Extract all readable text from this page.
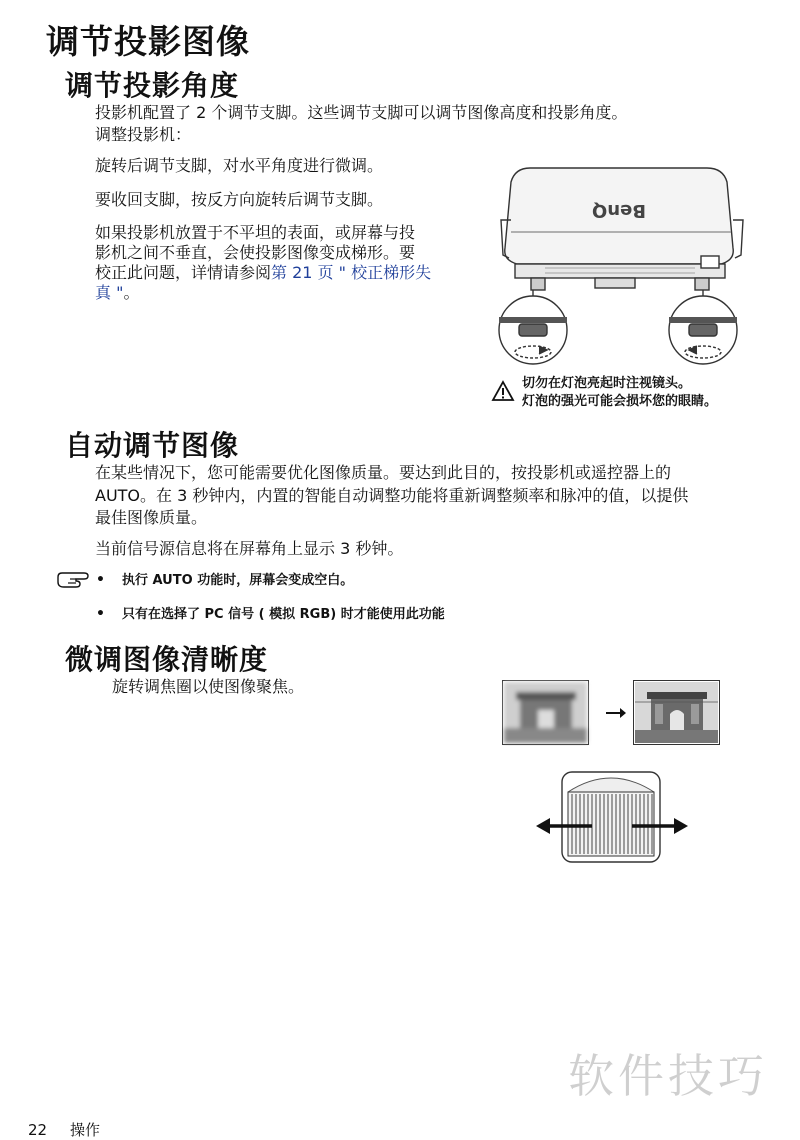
调节投影图像
调节投影角度
投影机配置了 2 个调节支脚。这些调节支脚可以调节图像高度和投影角度。
调整投影机：
旋转后调节支脚，对水平角度进行微调。
要收回支脚，按反方向旋转后调节支脚。
如果投影机放置于不平坦的表面，或屏幕与投
影机之间不垂直，会使投影图像变成梯形。要
校正此问题，详情请参阅第 21 页 " 校正梯形失
真 "。
BenQ
切勿在灯泡亮起时注视镜头。
灯泡的强光可能会损坏您的眼睛。
自动调节图像
在某些情况下，您可能需要优化图像质量。要达到此目的，按投影机或遥控器上的
AUTO。在 3 秒钟内，内置的智能自动调整功能将重新调整频率和脉冲的值，以提供
最佳图像质量。
当前信号源信息将在屏幕角上显示 3 秒钟。
• 执行 AUTO 功能时，屏幕会变成空白。
• 只有在选择了 PC 信号 ( 模拟 RGB) 时才能使用此功能
微调图像清晰度
旋转调焦圈以使图像聚焦。
软件技巧
22 操作
